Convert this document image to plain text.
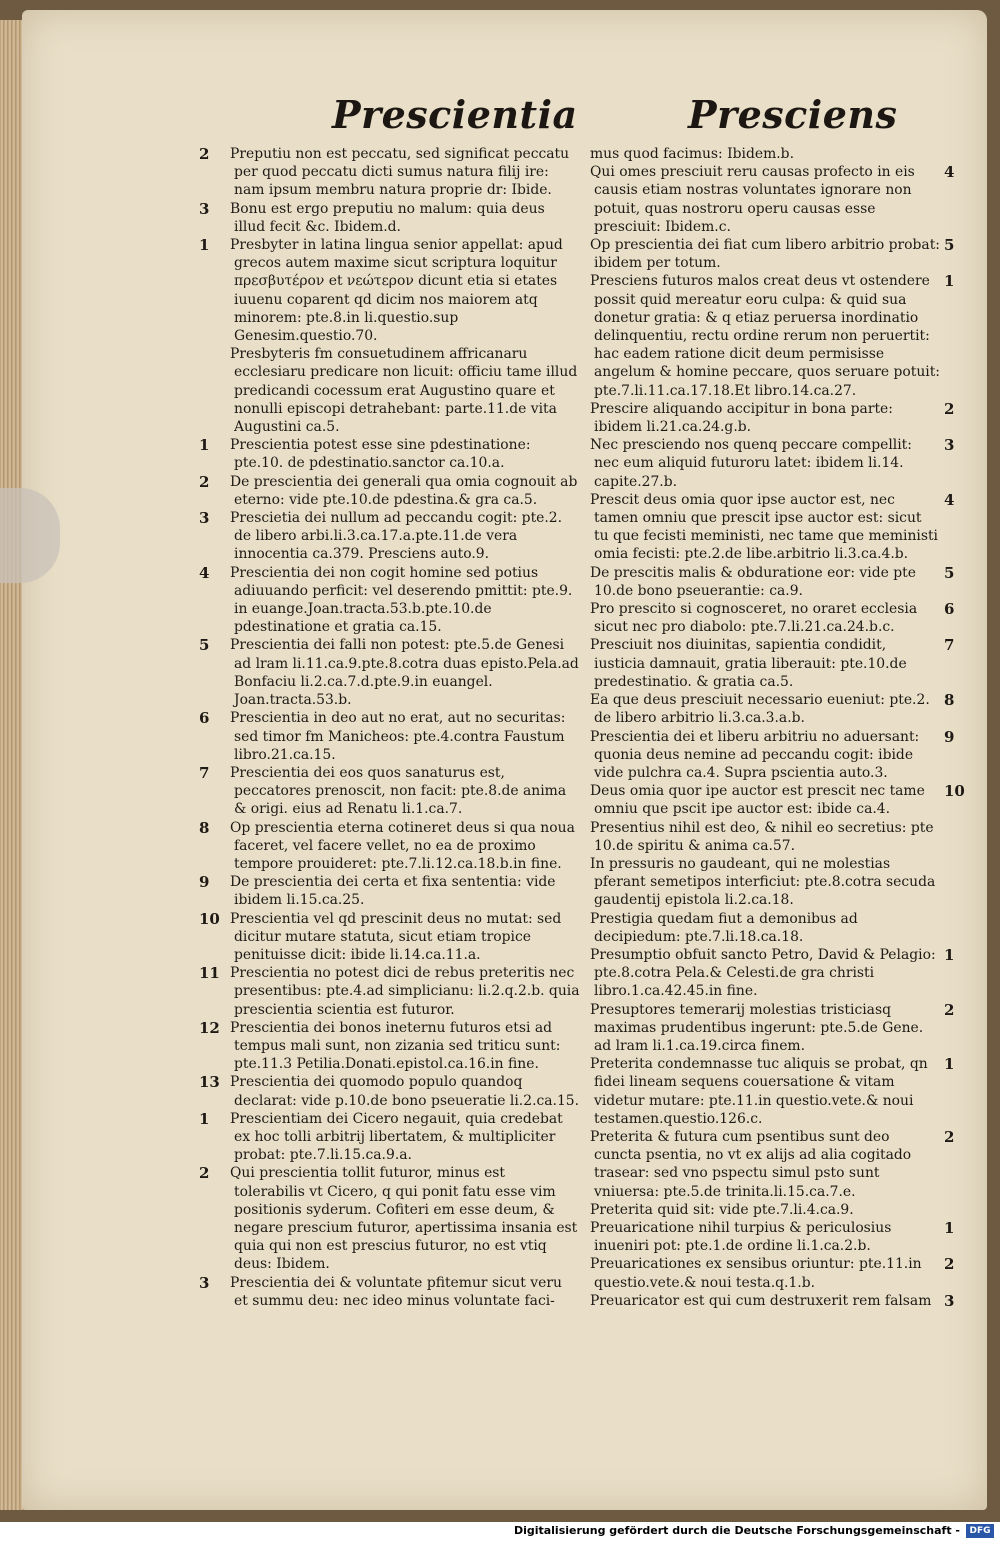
Prescientia	Presciens

2 Preputiu non est peccatu, sed significat peccatu per quod peccatu dicti sumus natura filij ire: nam ipsum membru natura proprie dr: Ibide.

3 Bonu est ergo preputiu no malum: quia deus illud fecit &c. Ibidem.d.

1 Presbyter in latina lingua senior appellat: apud grecos autem maxime sicut scriptura loquitur πρεσβυτέρον et νεώτερον dicunt etia si etates iuuenu coparent qd dicim nos maiorem atq minorem: pte.8.in li.questio.sup Genesim.questio.70.

Presbyteris fm consuetudinem affricanaru ecclesiaru predicare non licuit: officiu tame illud predicandi cocessum erat Augustino quare et nonulli episcopi detrahebant: parte.11.de vita Augustini ca.5.

1 Prescientia potest esse sine pdestinatione: pte.10. de pdestinatio.sanctor ca.10.a.

2 De prescientia dei generali qua omia cognouit ab eterno: vide pte.10.de pdestina.& gra ca.5.

3 Prescietia dei nullum ad peccandu cogit: pte.2. de libero arbi.li.3.ca.17.a.pte.11.de vera innocentia ca.379. Presciens auto.9.

4 Prescientia dei non cogit homine sed potius adiuuando perficit: vel deserendo pmittit: pte.9. in euange.Joan.tracta.53.b.pte.10.de pdestinatione et gratia ca.15.

5 Prescientia dei falli non potest: pte.5.de Genesi ad lram li.11.ca.9.pte.8.cotra duas episto.Pela.ad Bonfaciu li.2.ca.7.d.pte.9.in euangel. Joan.tracta.53.b.

6 Prescientia in deo aut no erat, aut no securitas: sed timor fm Manicheos: pte.4.contra Faustum libro.21.ca.15.

7 Prescientia dei eos quos sanaturus est, peccatores prenoscit, non facit: pte.8.de anima & origi. eius ad Renatu li.1.ca.7.

8 Op prescientia eterna cotineret deus si qua noua faceret, vel facere vellet, no ea de proximo tempore prouideret: pte.7.li.12.ca.18.b.in fine.

9 De prescientia dei certa et fixa sententia: vide ibidem li.15.ca.25.

10 Prescientia vel qd prescinit deus no mutat: sed dicitur mutare statuta, sicut etiam tropice penituisse dicit: ibide li.14.ca.11.a.

11 Prescientia no potest dici de rebus preteritis nec presentibus: pte.4.ad simplicianu: li.2.q.2.b. quia prescientia scientia est futuror.

12 Prescientia dei bonos ineternu futuros etsi ad tempus mali sunt, non zizania sed triticu sunt: pte.11.3 Petilia.Donati.epistol.ca.16.in fine.

13 Prescientia dei quomodo populo quandoq declarat: vide p.10.de bono pseueratie li.2.ca.15.

1 Prescientiam dei Cicero negauit, quia credebat ex hoc tolli arbitrij libertatem, & multipliciter probat: pte.7.li.15.ca.9.a.

2 Qui prescientia tollit futuror, minus est tolerabilis vt Cicero, q qui ponit fatu esse vim positionis syderum. Cofiteri em esse deum, & negare prescium futuror, apertissima insania est quia qui non est prescius futuror, no est vtiq deus: Ibidem.

3 Prescientia dei & voluntate pfitemur sicut veru et summu deu: nec ideo minus voluntate faci-

mus quod facimus: Ibidem.b.

4
Qui omes presciuit reru causas profecto in eis causis etiam nostras voluntates ignorare non potuit, quas nostroru operu causas esse presciuit: Ibidem.c.

5
Op prescientia dei fiat cum libero arbitrio probat: ibidem per totum.

1
Presciens futuros malos creat deus vt ostendere possit quid mereatur eoru culpa: & quid sua donetur gratia: & q etiaz peruersa inordinatio delinquentiu, rectu ordine rerum non peruertit: hac eadem ratione dicit deum permisisse angelum & homine peccare, quos seruare potuit: pte.7.li.11.ca.17.18.Et libro.14.ca.27.

2
Prescire aliquando accipitur in bona parte: ibidem li.21.ca.24.g.b.

3
Nec presciendo nos quenq peccare compellit: nec eum aliquid futuroru latet: ibidem li.14. capite.27.b.

4
Prescit deus omia quor ipse auctor est, nec tamen omniu que prescit ipse auctor est: sicut tu que fecisti meministi, nec tame que meministi omia fecisti: pte.2.de libe.arbitrio li.3.ca.4.b.

5
De prescitis malis & obduratione eor: vide pte 10.de bono pseuerantie: ca.9.

6
Pro prescito si cognosceret, no oraret ecclesia sicut nec pro diabolo: pte.7.li.21.ca.24.b.c.

7
Presciuit nos diuinitas, sapientia condidit, iusticia damnauit, gratia liberauit: pte.10.de predestinatio. & gratia ca.5.

8
Ea que deus presciuit necessario eueniut: pte.2. de libero arbitrio li.3.ca.3.a.b.

9
Prescientia dei et liberu arbitriu no aduersant: quonia deus nemine ad peccandu cogit: ibide vide pulchra ca.4. Supra pscientia auto.3.

10
Deus omia quor ipe auctor est prescit nec tame omniu que pscit ipe auctor est: ibide ca.4.

Presentius nihil est deo, & nihil eo secretius: pte 10.de spiritu & anima ca.57.

In pressuris no gaudeant, qui ne molestias pferant semetipos interficiut: pte.8.cotra secuda gaudentij epistola li.2.ca.18.

Prestigia quedam fiut a demonibus ad decipiedum: pte.7.li.18.ca.18.

1
Presumptio obfuit sancto Petro, David & Pelagio: pte.8.cotra Pela.& Celesti.de gra christi libro.1.ca.42.45.in fine.

2
Presuptores temerarij molestias tristiciasq maximas prudentibus ingerunt: pte.5.de Gene. ad lram li.1.ca.19.circa finem.

1
Preterita condemnasse tuc aliquis se probat, qn fidei lineam sequens couersatione & vitam videtur mutare: pte.11.in questio.vete.& noui testamen.questio.126.c.

2
Preterita & futura cum psentibus sunt deo cuncta psentia, no vt ex alijs ad alia cogitado trasear: sed vno pspectu simul psto sunt vniuersa: pte.5.de trinita.li.15.ca.7.e.

Preterita quid sit: vide pte.7.li.4.ca.9.

1
Preuaricatione nihil turpius & periculosius inueniri pot: pte.1.de ordine li.1.ca.2.b.

2
Preuaricationes ex sensibus oriuntur: pte.11.in questio.vete.& noui testa.q.1.b.

3
Preuaricator est qui cum destruxerit rem falsam

Digitalisierung gefördert durch die Deutsche Forschungsgemeinschaft -	DFG
